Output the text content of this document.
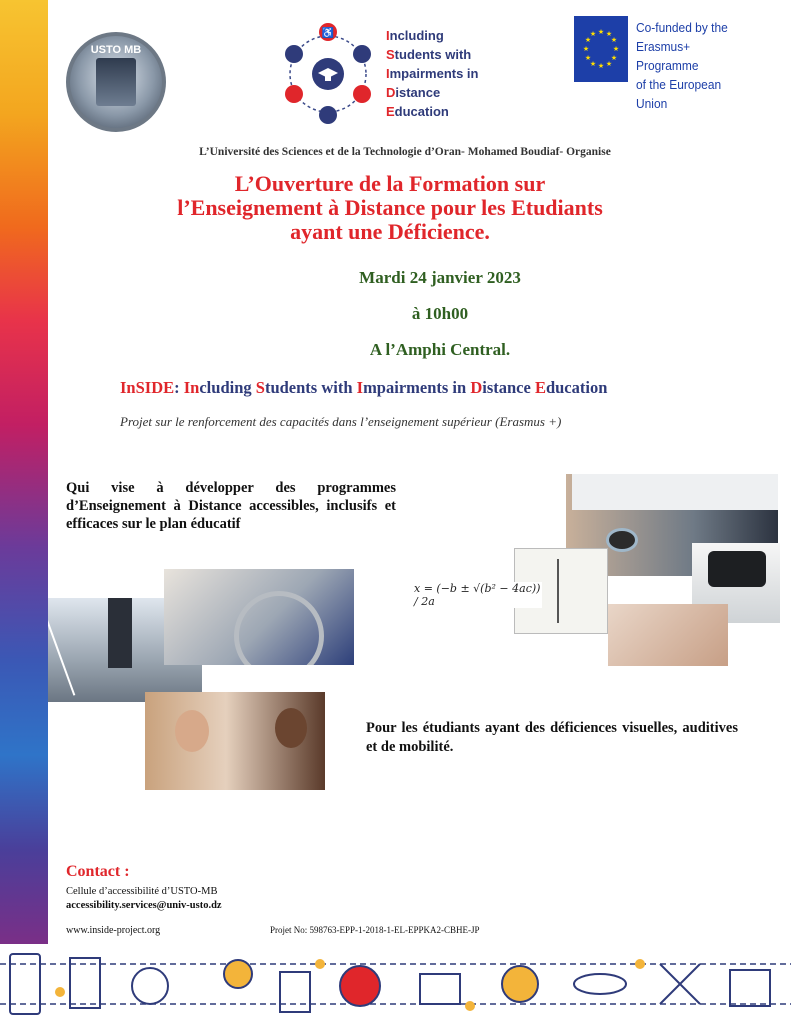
USTO MB
♿	Including
Students with
Impairments in
Distance
Education
★ ★
★
★
★
★
★
★
★
★
★
★	Co-funded by the
Erasmus+ Programme
of the European Union
L’Université des Sciences et de la Technologie d’Oran- Mohamed Boudiaf- Organise
L’Ouverture de la Formation sur
l’Enseignement à Distance pour les Etudiants
ayant une Déficience.
Mardi 24 janvier 2023
à 10h00
A l’Amphi Central.
InSIDE: Including Students with Impairments in Distance Education
Projet sur le renforcement des capacités dans l’enseignement supérieur (Erasmus +)
Qui vise à développer des programmes d’Enseignement à Distance accessibles, inclusifs et efficaces sur le plan éducatif
x = (−b ± √(b² − 4ac)) / 2a
Pour les étudiants ayant des déficiences visuelles, auditives et de mobilité.
Contact :
Cellule d’accessibilité d’USTO-MB
accessibility.services@univ-usto.dz
www.inside-project.org	Projet No: 598763-EPP-1-2018-1-EL-EPPKA2-CBHE-JP
